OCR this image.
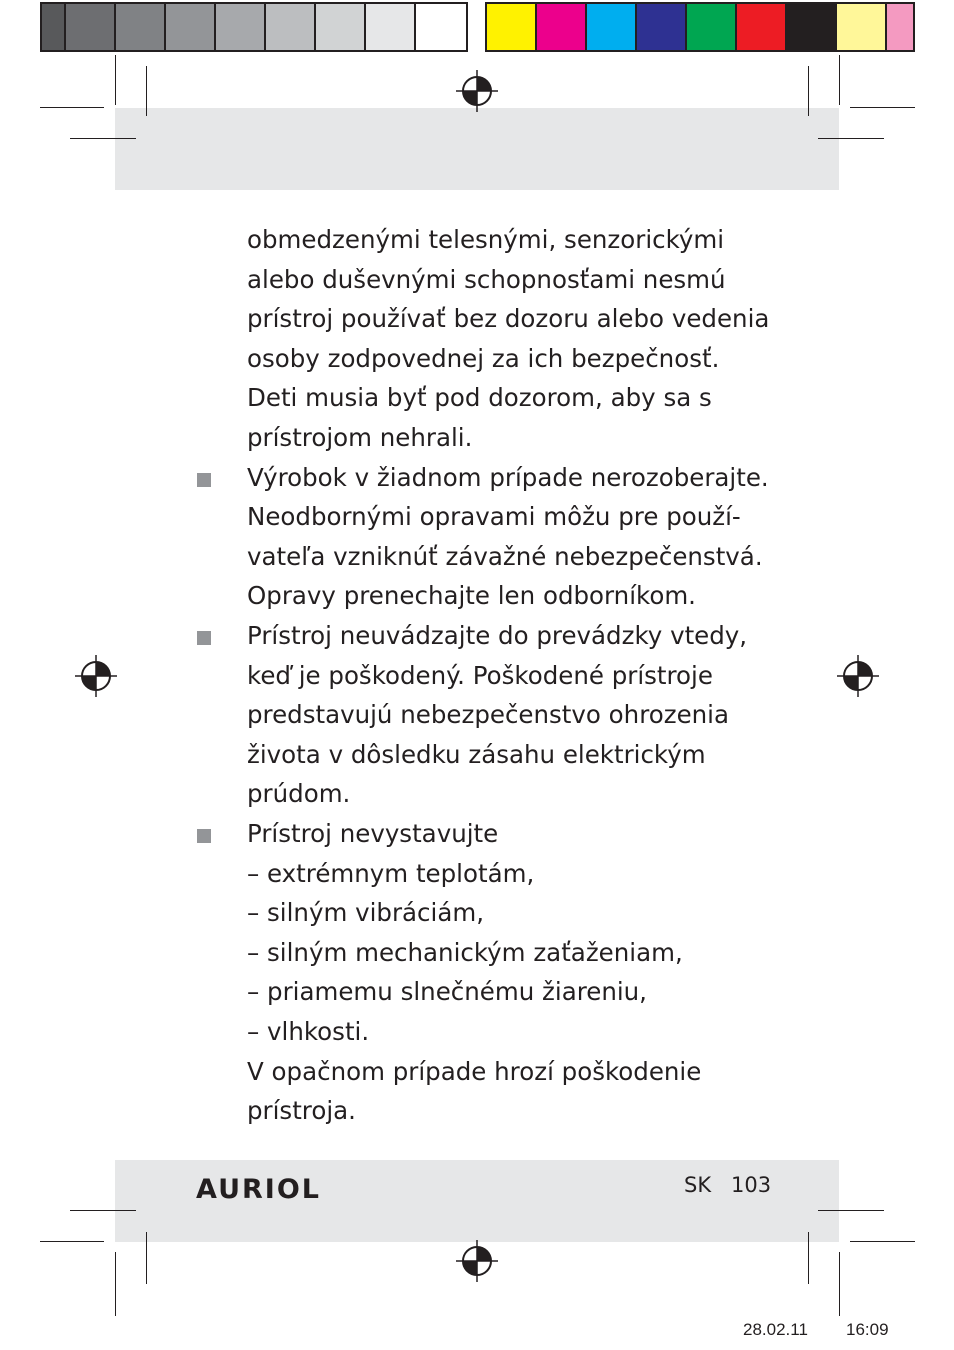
obmedzenými telesnými, senzorickými
alebo duševnými schopnosťami nesmú
prístroj používať bez dozoru alebo vedenia
osoby zodpovednej za ich bezpečnosť.
Deti musia byť pod dozorom, aby sa s
prístrojom nehrali.
Výrobok v žiadnom prípade nerozoberajte.
Neodbornými opravami môžu pre použí-
vateľa vzniknúť závažné nebezpečenstvá.
Opravy prenechajte len odborníkom.
Prístroj neuvádzajte do prevádzky vtedy,
keď je poškodený. Poškodené prístroje
predstavujú nebezpečenstvo ohrozenia
života v dôsledku zásahu elektrickým
prúdom.
Prístroj nevystavujte
– extrémnym teplotám,
– silným vibráciám,
– silným mechanickým zaťaženiam,
– priamemu slnečnému žiareniu,
– vlhkosti.
V opačnom prípade hrozí poškodenie
prístroja.
AURIOL	SK 103
28.02.11 16:09
